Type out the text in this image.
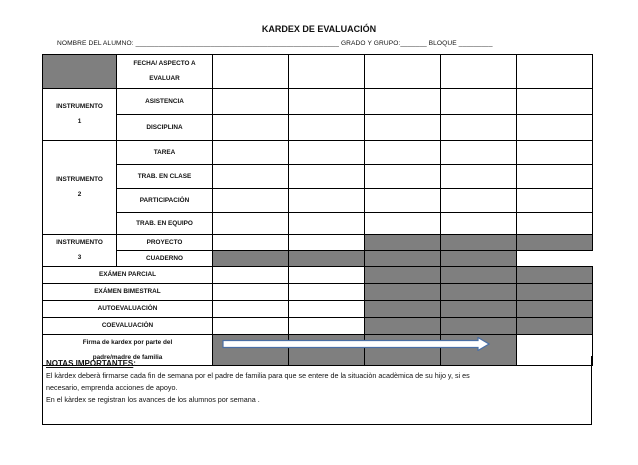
KARDEX DE EVALUACIÓN
NOMBRE DEL ALUMNO: ______________________________________________________ GRADO Y GRUPO:_______ BLOQUE _________
	FECHA/ ASPECTO A

EVALUAR						
INSTRUMENTO

1	ASISTENCIA						
	DISCIPLINA						
INSTRUMENTO

2	TAREA						
	TRAB. EN CLASE						
	PARTICIPACIÒN						
	TRAB. EN EQUIPO						
INSTRUMENTO

3	PROYECTO						
	CUADERNO						
EXÁMEN PARCIAL							
EXÁMEN BIMESTRAL							
AUTOEVALUACIÒN							
COEVALUACIÒN							
Firma de kardex por parte del

padre/madre de familia							
NOTAS IMPORTANTES:
El kàrdex deberà firmarse cada fin de semana por el padre de familia para que se entere de la situaciòn acadèmica de su hijo y, si es
necesario, emprenda acciones de apoyo.
En el kàrdex se registran los avances de los alumnos por semana .
